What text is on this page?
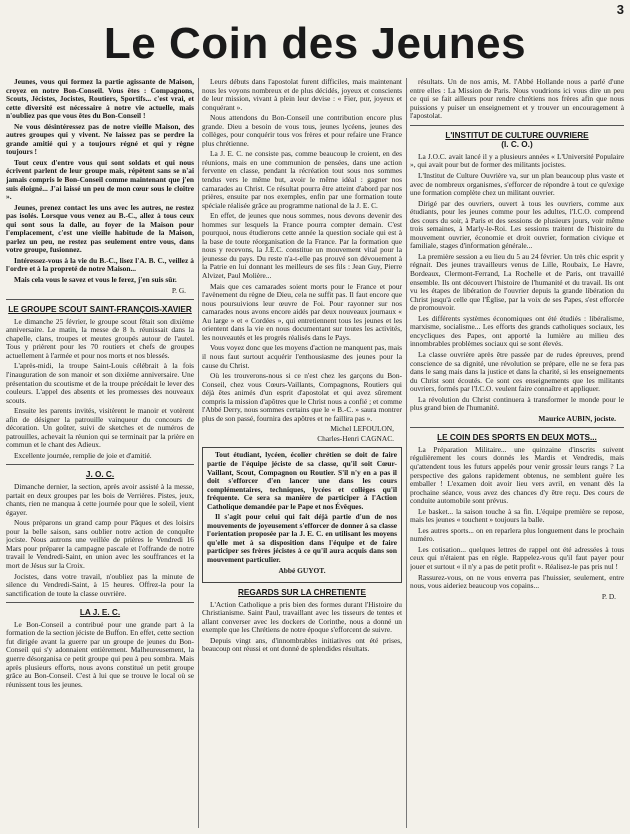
3
Le Coin des Jeunes

Jeunes, vous qui formez la partie agissante de Maison, croyez en notre Bon-Conseil. Vous êtes : Compagnons, Scouts, Jécistes, Jocistes, Routiers, Sportifs... c'est vrai, et cette diversité est nécessaire à notre vie actuelle, mais n'oubliez pas que vous êtes du Bon-Conseil !

Ne vous désintéressez pas de notre vieille Maison, des autres groupes qui y vivent. Ne laissez pas se perdre la grande amitié qui y a toujours régné et qui y règne toujours !

Tout ceux d'entre vous qui sont soldats et qui nous écrivent parlent de leur groupe mais, répètent sans se n'ai jamais compris le Bon-Conseil comme maintenant que j'en suis éloigné... J'ai laissé un peu de mon cœur sous le cloître ».

Jeunes, prenez contact les uns avec les autres, ne restez pas isolés. Lorsque vous venez au B.-C., allez à tous ceux qui sont sous la dalle, au foyer de la Maison pour l'emplacement, c'est une vieille habitude de la Maison, parlez un peu, ne restez pas seulement entre vous, dans votre groupe, fusionnez.

Intéressez-vous à la vie du B.-C., lisez l'A. B. C., veillez à l'ordre et à la propreté de notre Maison...

Mais cela vous le savez et vous le ferez, j'en suis sûr.

P. G.

LE GROUPE SCOUT SAINT-FRANÇOIS-XAVIER

Le dimanche 25 février, le groupe scout fêtait son dixième anniversaire. Le matin, la messe de 8 h. réunissait dans la chapelle, clans, troupes et meutes groupés autour de l'autel. Tous y prièrent pour les 70 routiers et chefs de groupes actuellement à l'armée et pour nos morts et nos blessés.

L'après-midi, la troupe Saint-Louis célébrait à la fois l'inauguration de son manoir et son dixième anniversaire. Une présentation du scoutisme et de la troupe précédait le lever des couleurs. L'appel des absents et les promesses des nouveaux scouts.

Ensuite les parents invités, visitèrent le manoir et votèrent afin de désigner la patrouille vainqueur du concours de décoration. Un goûter, suivi de sketches et de numéros de patrouilles, achevait la réunion qui se terminait par la prière en commun et le chant des Adieux.

Excellente journée, remplie de joie et d'amitié.

J. O. C.

Dimanche dernier, la section, après avoir assisté à la messe, partait en deux groupes par les bois de Verrières. Pistes, jeux, chants, rien ne manqua à cette journée pour que le soleil, vient égayer.

Nous préparons un grand camp pour Pâques et des loisirs pour la belle saison, sans oublier notre action de conquête jociste. Nous autrons une veillée de prières le Vendredi 16 Mars pour préparer la campagne pascale et l'offrande de notre travail le Vendredi-Saint, en union avec les souffrances et la mort de Jésus sur la Croix.

Jocistes, dans votre travail, n'oubliez pas la minute de silence du Vendredi-Saint, à 15 heures. Offrez-la pour la sanctification de toute la classe ouvrière.

LA J. E. C.

Le Bon-Conseil a contribué pour une grande part à la formation de la section jéciste de Buffon. En effet, cette section fut dirigée avant la guerre par un groupe de jeunes du Bon-Conseil qui s'y adonnaient entièrement. Malheureusement, la guerre désorganisa ce petit groupe qui peu à peu sombra. Mais après plusieurs efforts, nous avons constitué un petit groupe grâce au Bon-Conseil. C'est à lui que se trouve le local où se réunissent tous les jeunes.

Leurs débuts dans l'apostolat furent difficiles, mais maintenant nous les voyons nombreux et de plus décidés, joyeux et conscients de leur mission, vivant à plein leur devise : « Fier, pur, joyeux et conquérant ».

Nous attendons du Bon-Conseil une contribution encore plus grande. Dieu a besoin de vous tous, jeunes lycéens, jeunes des collèges, pour conquérir tous vos frères et pour refaire une France plus chrétienne.

La J. E. C. ne consiste pas, comme beaucoup le croient, en des réunions, mais en une communion de pensées, dans une action fervente en classe, pendant la récréation tout sous nos sommes tendus vers le même but, avoir le même idéal : gagner nos camarades au Christ. Ce résultat pourra être atteint d'abord par nos prières, ensuite par nos exemples, enfin par une formation toute spéciale réalisée grâce au programme national de la J. E. C.

En effet, de jeunes que nous sommes, nous devons devenir des hommes sur lesquels la France pourra compter demain. C'est pourquoi, nous étudierons cette année la question sociale qui est à la base de toute réorganisation de la France. Par la formation que nous y recevons, la J.E.C. constitue un mouvement vital pour la jeunesse du pays. Du reste n'a-t-elle pas prouvé son dévouement à la Patrie en lui donnant les meilleurs de ses fils : Jean Guy, Pierre Alvizet, Paul Molière...

Mais que ces camarades soient morts pour le France et pour l'avènement du règne de Dieu, cela ne suffit pas. Il faut encore que nous poursuivions leur œuvre de Foi. Pour rayonner sur nos camarades nous avons encore aidés par deux nouveaux journaux « Au large » et « Cordées », qui entretiennent tous les jeunes et les orientent dans la vie en nous documentant sur toutes les activités, les nouveautés et les progrès réalisés dans le Pays.

Vous voyez donc que les moyens d'action ne manquent pas, mais il nous faut surtout acquérir l'enthousiasme des jeunes pour la cause du Christ.

Où les trouverons-nous si ce n'est chez les garçons du Bon-Conseil, chez vous Cœurs-Vaillants, Compagnons, Routiers qui déjà êtes animés d'un esprit d'apostolat et qui avez sûrement compris la mission d'apôtres que le Christ nous a confié ; et comme l'Abbé Derry, nous sommes certains que le « B.-C. » saura montrer plus de son passé, fournira des apôtres et ne faillira pas ».

Michel LEFOULON,

Charles-Henri CAGNAC.

Tout étudiant, lycéen, écolier chrétien se doit de faire partie de l'équipe jéciste de sa classe, qu'il soit Cœur-Vaillant, Scout, Compagnon ou Routier. S'il n'y en a pas il doit s'efforcer d'en lancer une dans les cours complémentaires, techniques, lycées et collèges qu'il fréquente. Ce sera sa manière de participer à l'Action Catholique demandée par le Pape et nos Évêques.

Il s'agit pour celui qui fait déjà partie d'un de nos mouvements de joyeusement s'efforcer de donner à sa classe l'orientation proposée par la J. E. C. en utilisant les moyens qu'elle met à sa disposition dans l'équipe et de faire participer ses frères jécistes à ce qu'il aura acquis dans son mouvement particulier.

Abbé GUYOT.

REGARDS SUR LA CHRETIENTE

L'Action Catholique a pris bien des formes durant l'Histoire du Christianisme. Saint Paul, travaillant avec les tisseurs de tentes et allant converser avec les dockers de Corinthe, nous a donné un exemple que les Chrétiens de notre époque s'efforcent de suivre.

Depuis vingt ans, d'innombrables initiatives ont été prises, beaucoup ont réussi et ont donné de splendides résultats.

résultats. Un de nos amis, M. l'Abbé Hollande nous a parlé d'une entre elles : La Mission de Paris. Nous voudrions ici vous dire un peu ce qui se fait ailleurs pour rendre chrétiens nos frères afin que nous puissions y puiser un enseignement et y trouver un encouragement à l'apostolat.

L'INSTITUT DE CULTURE OUVRIERE
(I. C. O.)

La J.O.C. avait lancé il y a plusieurs années « L'Université Populaire », qui avait pour but de former des militants jocistes.

L'Institut de Culture Ouvrière va, sur un plan beaucoup plus vaste et avec de nombreux organismes, s'efforcer de répondre à tout ce qu'exige une formation complète chez un militant ouvrier.

Dirigé par des ouvriers, ouvert à tous les ouvriers, comme aux étudiants, pour les jeunes comme pour les adultes, l'I.C.O. comprend des cours du soir, à Paris et des sessions de plusieurs jours, voir même trois semaines, à Marly-le-Roi. Les sessions traitent de l'histoire du mouvement ouvrier, économie et droit ouvrier, formation civique et familiale, stages d'information générale...

La première session a eu lieu du 5 au 24 février. Un très chic esprit y régnait. Des jeunes travailleurs venus de Lille, Roubaix, Le Havre, Bordeaux, Clermont-Ferrand, La Rochelle et de Paris, ont travaillé ensemble. Ils ont découvert l'histoire de l'humanité et du travail. Ils ont vu les étapes de libération de l'ouvrier depuis la grande libération du Christ jusqu'à celle que l'Église, par la voix de ses Papes, s'est efforcée de promouvoir.

Les différents systèmes économiques ont été étudiés : libéralisme, marxisme, socialisme... Les efforts des grands catholiques sociaux, les encycliques des Papes, ont apporté la lumière au milieu des innombrables problèmes sociaux qui se sont élevés.

La classe ouvrière après être passée par de rudes épreuves, prend conscience de sa dignité, une révolution se prépare, elle ne se fera pas dans le sang mais dans la justice et dans la charité, si les enseignements du Christ sont écoutés. Ce sont ces enseignements que les militants ouvriers, formés par l'I.C.O. veulent faire connaître et appliquer.

La révolution du Christ continuera à transformer le monde pour le plus grand bien de l'humanité.

Maurice AUBIN, jociste.

LE COIN DES SPORTS EN DEUX MOTS...

La Préparation Militaire... une quinzaine d'inscrits suivent régulièrement les cours donnés les Mardis et Vendredis, mais qu'attendent tous les futurs appelés pour venir grossir leurs rangs ? La perspective des galons rapidement obtenus, ne semblent guère les emballer ! L'examen doit avoir lieu vers avril, en venant dès la prochaine séance, vous avez des chances d'y être reçu. Des cours de conduite automobile sont prévus.

Le basket... la saison touche à sa fin. L'équipe première se repose, mais les jeunes « touchent » toujours la balle.

Les autres sports... on en reparlera plus longuement dans le prochain numéro.

Les cotisation... quelques lettres de rappel ont été adressées à tous ceux qui n'étaient pas en règle. Rappelez-vous qu'il faut payer pour jouer et surtout « il n'y a pas de petit profit ». Réalisez-le pas pris nul !

Rassurez-vous, on ne vous enverra pas l'huissier, seulement, entre nous, vous aideriez beaucoup vos copains...

P. D.
